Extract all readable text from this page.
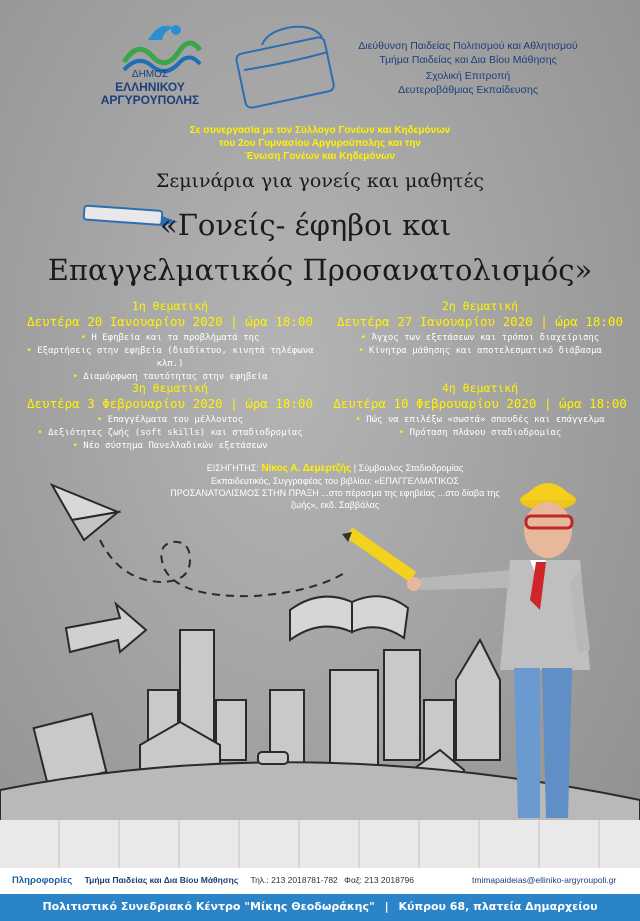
ΔΗΜΟΣ
ΕΛΛΗΝΙΚΟΥ
ΑΡΓΥΡΟΥΠΟΛΗΣ
Διεύθυνση Παιδείας Πολιτισμού και Αθλητισμού
Τμήμα Παιδείας και Δια Βίου Μάθησης
Σχολική Επιτροπή
Δευτεροβάθμιας Εκπαίδευσης
Σε συνεργασία με τον Σύλλογο Γονέων και Κηδεμόνων
του 2ου Γυμνασίου Αργυρούπολης και την
Ένωση Γονέων και Κηδεμόνων
Σεμινάρια για γονείς και μαθητές
«Γονείς- έφηβοι και
Επαγγελματικός Προσανατολισμός»
1η θεματική
Δευτέρα 20 Ιανουαρίου 2020 | ώρα 18:00
• Η Εφηβεία και τα προβλήματά της
• Εξαρτήσεις στην εφηβεία (διαδίκτυο, κινητά τηλέφωνα κλπ.)
• Διαμόρφωση ταυτότητας στην εφηβεία
2η θεματική
Δευτέρα 27 Ιανουαρίου 2020 | ώρα 18:00
• Άγχος των εξετάσεων και τρόποι διαχείρισης
• Κίνητρα μάθησης και αποτελεσματικό διάβασμα
3η θεματική
Δευτέρα 3 Φεβρουαρίου 2020 | ώρα 18:00
• Επαγγέλματα του μέλλοντος
• Δεξιότητες ζωής (soft skills) και σταδιοδρομίας
• Νέο σύστημα Πανελλαδικών εξετάσεων
4η θεματική
Δευτέρα 10 Φεβρουαρίου 2020 | ώρα 18:00
• Πώς να επιλέξω «σωστά» σπουδές και επάγγελμα
• Πρόταση πλάνου σταδιοδρομίας
ΕΙΣΗΓΗΤΗΣ: Νίκος Α. Δεμερτζής | Σύμβουλος Σταδιοδρομίας
Εκπαιδευτικός, Συγγραφέας του βιβλίου: «ΕΠΑΓΓΕΛΜΑΤΙΚΟΣ
ΠΡΟΣΑΝΑΤΟΛΙΣΜΟΣ ΣΤΗΝ ΠΡΑΞΗ ...στο πέρασμα της εφηβείας ...στο δίαβα της
ζωής», εκδ. Σαββάλας
Πληροφορίες Τμήμα Παιδείας και Δια Βίου Μάθησης Τηλ.: 213 2018781-782 Φαξ: 213 2018796	tmimapaideias@elliniko-argyroupoli.gr
Πολιτιστικό Συνεδριακό Κέντρο "Μίκης Θεοδωράκης" | Κύπρου 68, πλατεία Δημαρχείου
